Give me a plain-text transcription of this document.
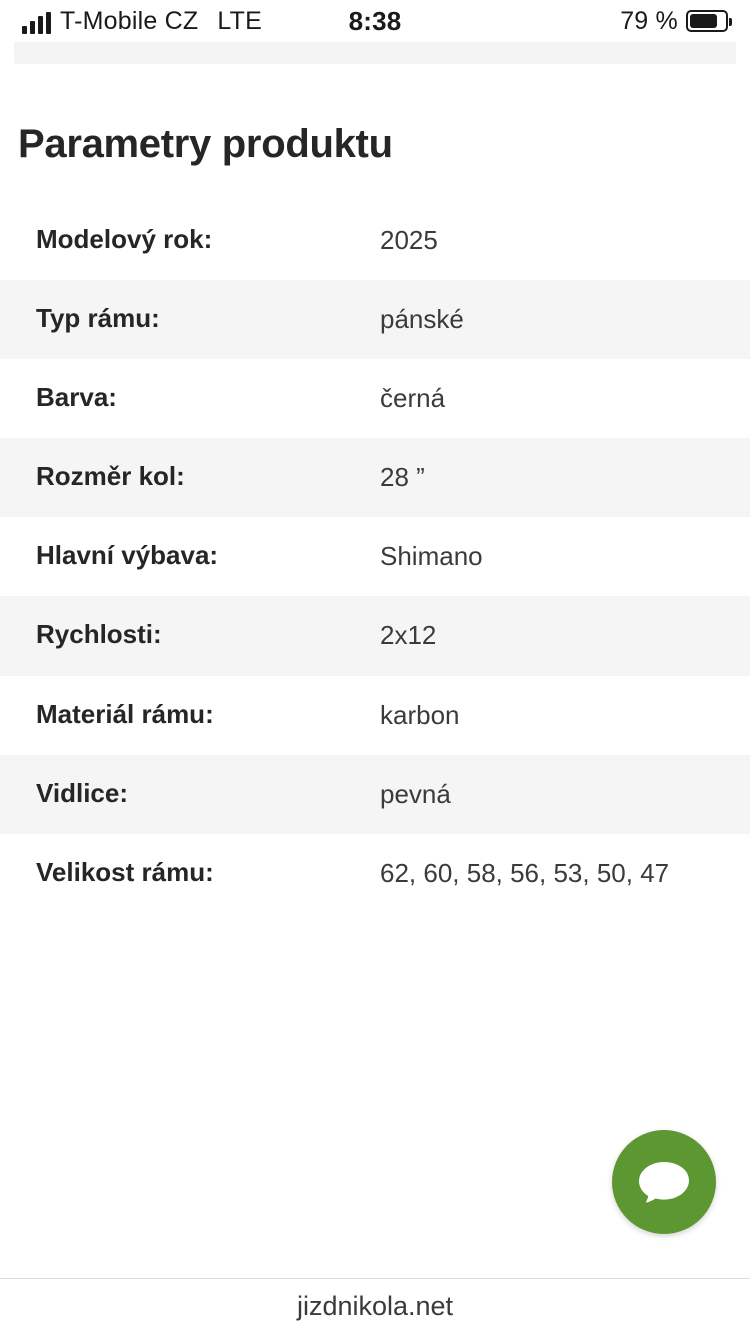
T-Mobile CZ LTE	8:38	79 %
Parametry produktu
Modelový rok:	2025
Typ rámu:	pánské
Barva:	černá
Rozměr kol:	28 ”
Hlavní výbava:	Shimano
Rychlosti:	2x12
Materiál rámu:	karbon
Vidlice:	pevná
Velikost rámu:	62, 60, 58, 56, 53, 50, 47
jizdnikola.net
